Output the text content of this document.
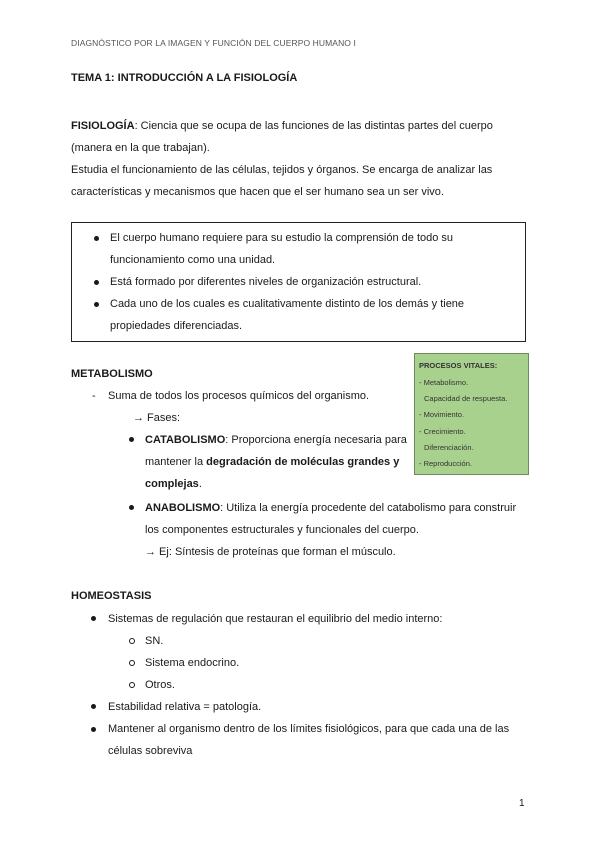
DIAGNÓSTICO POR LA IMAGEN Y FUNCIÓN DEL CUERPO HUMANO I
TEMA 1: INTRODUCCIÓN A LA FISIOLOGÍA
FISIOLOGÍA: Ciencia que se ocupa de las funciones de las distintas partes del cuerpo
(manera en la que trabajan).
Estudia el funcionamiento de las células, tejidos y órganos. Se encarga de analizar las
características y mecanismos que hacen que el ser humano sea un ser vivo.
El cuerpo humano requiere para su estudio la comprensión de todo su
funcionamiento como una unidad.
Está formado por diferentes niveles de organización estructural.
Cada uno de los cuales es cualitativamente distinto de los demás y tiene
propiedades diferenciadas.
PROCESOS VITALES:
- Metabolismo.
Capacidad de respuesta.
- Movimiento.
- Crecimiento.
Diferenciación.
- Reproducción.
METABOLISMO
- Suma de todos los procesos químicos del organismo.
→ Fases:
CATABOLISMO: Proporciona energía necesaria para
mantener la degradación de moléculas grandes y
complejas.
ANABOLISMO: Utiliza la energía procedente del catabolismo para construir
los componentes estructurales y funcionales del cuerpo.
→ Ej: Síntesis de proteínas que forman el músculo.
HOMEOSTASIS
Sistemas de regulación que restauran el equilibrio del medio interno:
SN.
Sistema endocrino.
Otros.
Estabilidad relativa = patología.
Mantener al organismo dentro de los límites fisiológicos, para que cada una de las
células sobreviva
1
